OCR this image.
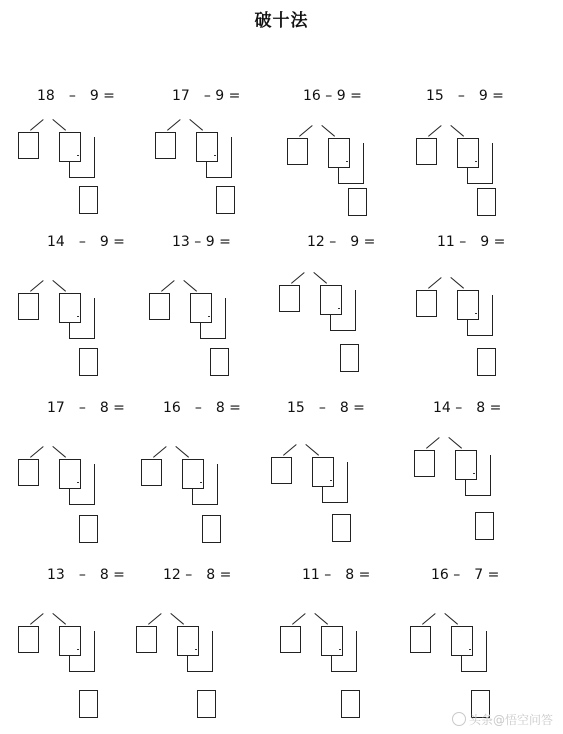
破十法
18　–　9 =	17　– 9 =	16 – 9 =	15　–　9 =
14　–　9 =	13 – 9 =	12 –　9 =	11 –　9 =
17　–　8 =	16　–　8 =	15　–　8 =	14 –　8 =
13　–　8 =	12 –　8 =	11 –　8 =	16 –　7 =
头条@悟空问答
